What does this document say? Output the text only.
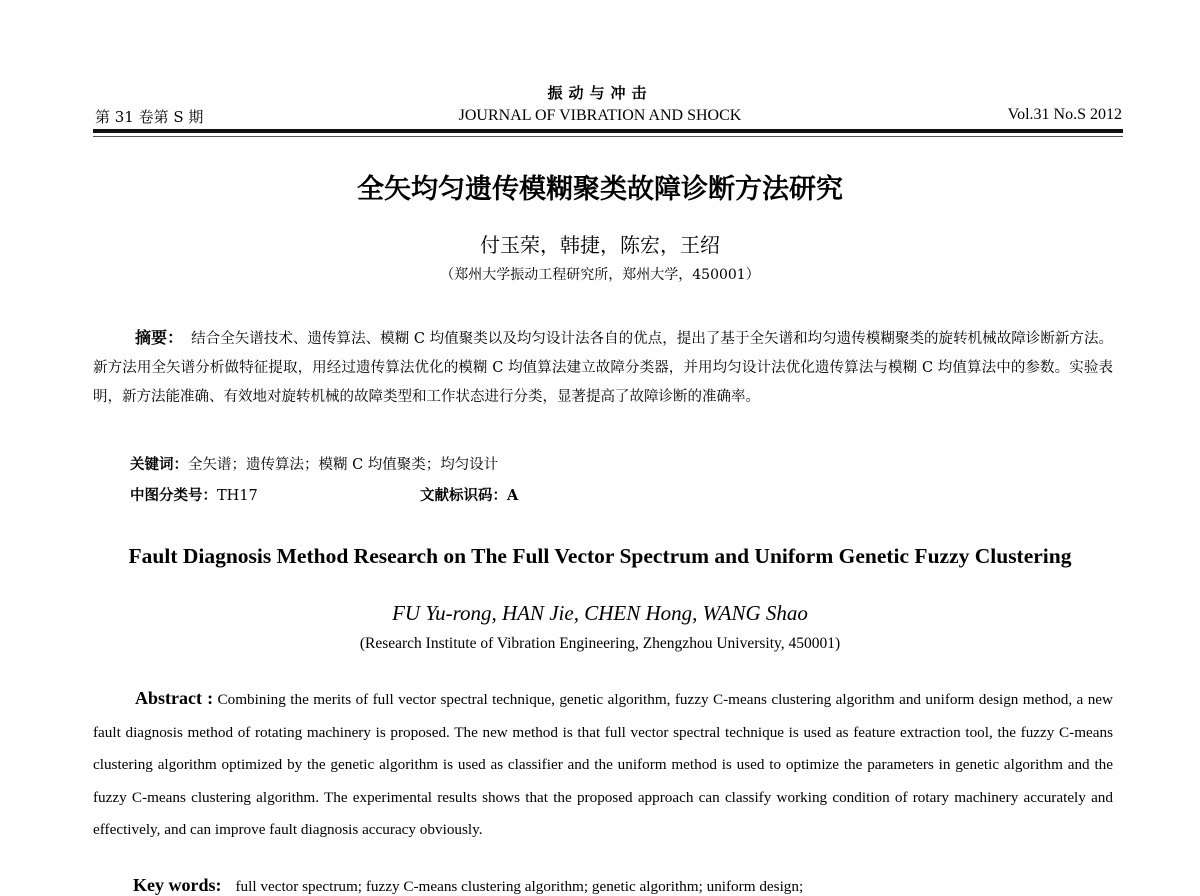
振动与冲击
第 31 卷第 S 期	JOURNAL OF VIBRATION AND SHOCK	Vol.31 No.S 2012
全矢均匀遗传模糊聚类故障诊断方法研究
付玉荣，韩捷，陈宏，王绍
（郑州大学振动工程研究所，郑州大学，450001）
摘要： 结合全矢谱技术、遗传算法、模糊 C 均值聚类以及均匀设计法各自的优点，提出了基于全矢谱和均匀遗传模糊聚类的旋转机械故障诊断新方法。新方法用全矢谱分析做特征提取，用经过遗传算法优化的模糊 C 均值算法建立故障分类器，并用均匀设计法优化遗传算法与模糊 C 均值算法中的参数。实验表明，新方法能准确、有效地对旋转机械的故障类型和工作状态进行分类，显著提高了故障诊断的准确率。
关键词：全矢谱；遗传算法；模糊 C 均值聚类；均匀设计
中图分类号：TH17	文献标识码：A
Fault Diagnosis Method Research on The Full Vector Spectrum and Uniform Genetic Fuzzy Clustering
FU Yu-rong, HAN Jie, CHEN Hong, WANG Shao
(Research Institute of Vibration Engineering, Zhengzhou University, 450001)
Abstract : Combining the merits of full vector spectral technique, genetic algorithm, fuzzy C-means clustering algorithm and uniform design method, a new fault diagnosis method of rotating machinery is proposed. The new method is that full vector spectral technique is used as feature extraction tool, the fuzzy C-means clustering algorithm optimized by the genetic algorithm is used as classifier and the uniform method is used to optimize the parameters in genetic algorithm and the fuzzy C-means clustering algorithm. The experimental results shows that the proposed approach can classify working condition of rotary machinery accurately and effectively, and can improve fault diagnosis accuracy obviously.
Key words: full vector spectrum; fuzzy C-means clustering algorithm; genetic algorithm; uniform design;
